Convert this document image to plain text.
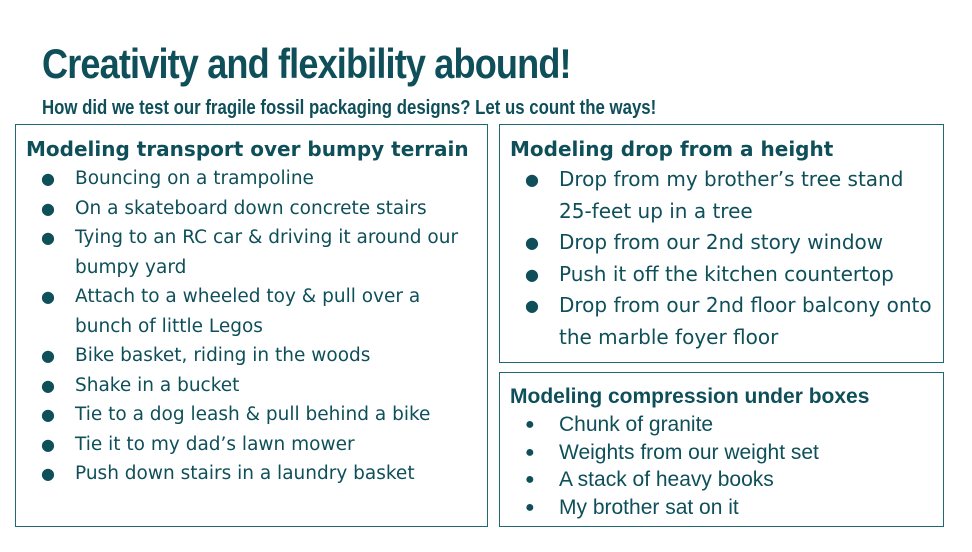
Creativity and flexibility abound!

How did we test our fragile fossil packaging designs? Let us count the ways!

Modeling transport over bumpy terrain
● Bouncing on a trampoline
● On a skateboard down concrete stairs
● Tying to an RC car & driving it around our bumpy yard
● Attach to a wheeled toy & pull over a bunch of little Legos
● Bike basket, riding in the woods
● Shake in a bucket
● Tie to a dog leash & pull behind a bike
● Tie it to my dad’s lawn mower
● Push down stairs in a laundry basket
Modeling drop from a height
● Drop from my brother’s tree stand 25-feet up in a tree
● Drop from our 2nd story window
● Push it off the kitchen countertop
● Drop from our 2nd floor balcony onto the marble foyer floor
Modeling compression under boxes
● Chunk of granite
● Weights from our weight set
● A stack of heavy books
● My brother sat on it
